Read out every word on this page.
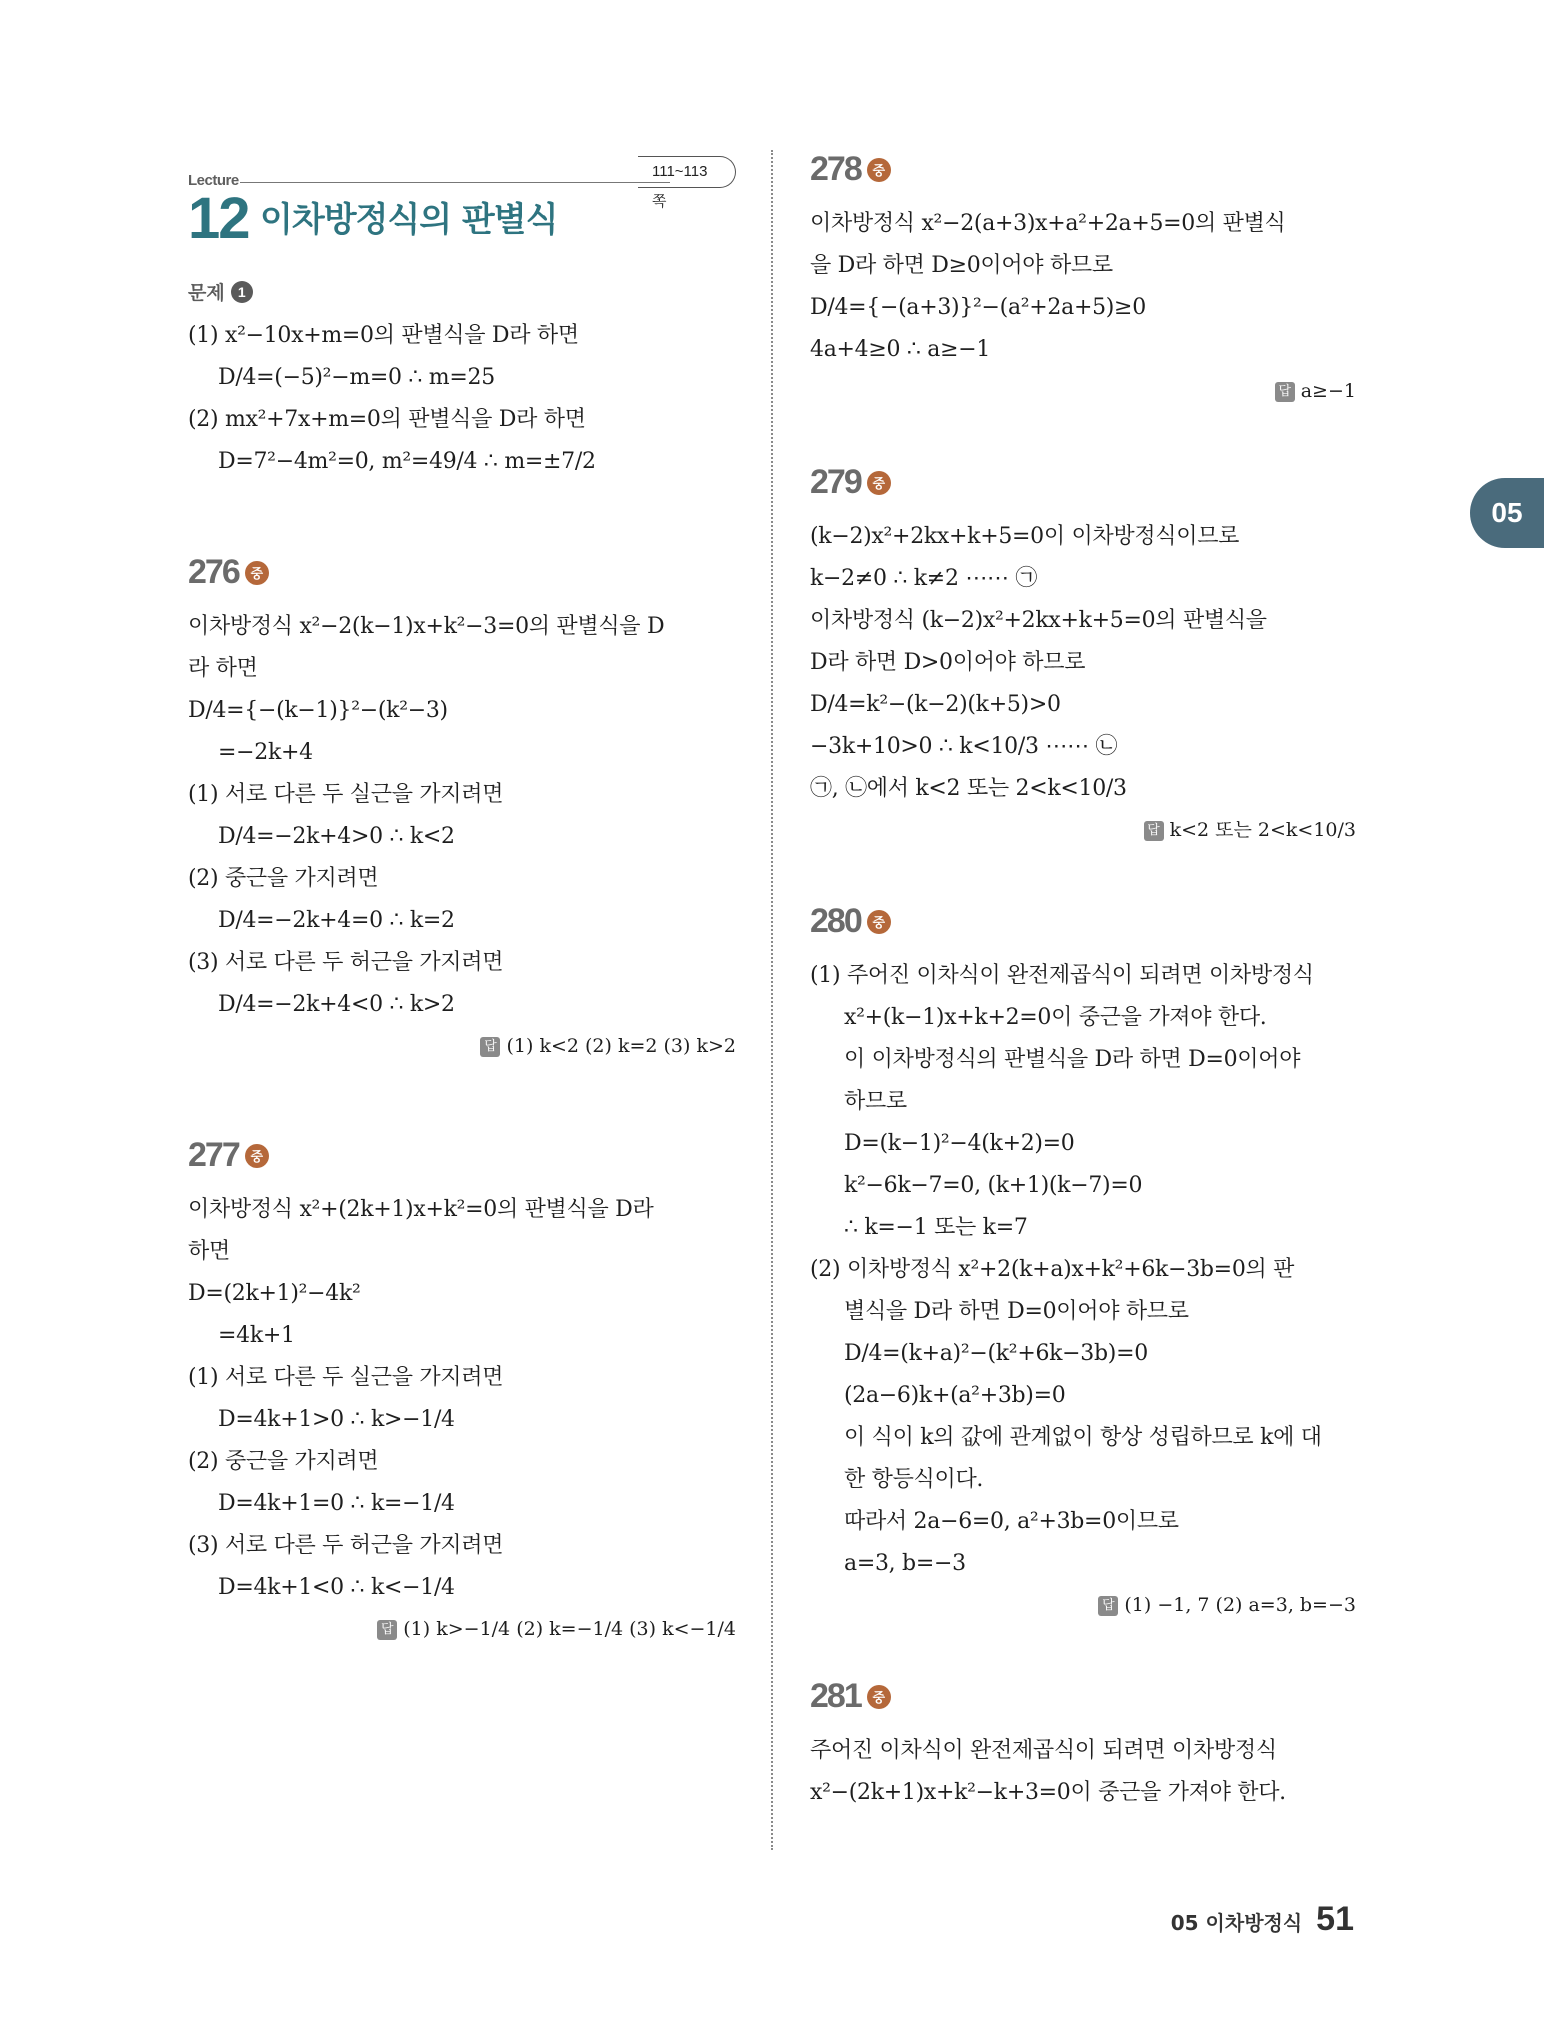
Lecture
111~113쪽
12 이차방정식의 판별식
문제 1
(1) x²−10x+m=0의 판별식을 D라 하면
D/4=(−5)²−m=0 ∴ m=25
(2) mx²+7x+m=0의 판별식을 D라 하면
D=7²−4m²=0, m²=49/4 ∴ m=±7/2
276 중
이차방정식 x²−2(k−1)x+k²−3=0의 판별식을 D
라 하면
D/4={−(k−1)}²−(k²−3)
=−2k+4
(1) 서로 다른 두 실근을 가지려면
D/4=−2k+4>0 ∴ k<2
(2) 중근을 가지려면
D/4=−2k+4=0 ∴ k=2
(3) 서로 다른 두 허근을 가지려면
D/4=−2k+4<0 ∴ k>2
답 (1) k<2 (2) k=2 (3) k>2
277 중
이차방정식 x²+(2k+1)x+k²=0의 판별식을 D라
하면
D=(2k+1)²−4k²
=4k+1
(1) 서로 다른 두 실근을 가지려면
D=4k+1>0 ∴ k>−1/4
(2) 중근을 가지려면
D=4k+1=0 ∴ k=−1/4
(3) 서로 다른 두 허근을 가지려면
D=4k+1<0 ∴ k<−1/4
답 (1) k>−1/4 (2) k=−1/4 (3) k<−1/4
278 중
이차방정식 x²−2(a+3)x+a²+2a+5=0의 판별식
을 D라 하면 D≥0이어야 하므로
D/4={−(a+3)}²−(a²+2a+5)≥0
4a+4≥0 ∴ a≥−1
답 a≥−1
279 중
(k−2)x²+2kx+k+5=0이 이차방정식이므로
k−2≠0 ∴ k≠2 ⋯⋯ ㉠
이차방정식 (k−2)x²+2kx+k+5=0의 판별식을
D라 하면 D>0이어야 하므로
D/4=k²−(k−2)(k+5)>0
−3k+10>0 ∴ k<10/3 ⋯⋯ ㉡
㉠, ㉡에서 k<2 또는 2<k<10/3
답 k<2 또는 2<k<10/3
280 중
(1) 주어진 이차식이 완전제곱식이 되려면 이차방정식
x²+(k−1)x+k+2=0이 중근을 가져야 한다.
이 이차방정식의 판별식을 D라 하면 D=0이어야
하므로
D=(k−1)²−4(k+2)=0
k²−6k−7=0, (k+1)(k−7)=0
∴ k=−1 또는 k=7
(2) 이차방정식 x²+2(k+a)x+k²+6k−3b=0의 판
별식을 D라 하면 D=0이어야 하므로
D/4=(k+a)²−(k²+6k−3b)=0
(2a−6)k+(a²+3b)=0
이 식이 k의 값에 관계없이 항상 성립하므로 k에 대
한 항등식이다.
따라서 2a−6=0, a²+3b=0이므로
a=3, b=−3
답 (1) −1, 7 (2) a=3, b=−3
281 중
주어진 이차식이 완전제곱식이 되려면 이차방정식
x²−(2k+1)x+k²−k+3=0이 중근을 가져야 한다.
05
05 이차방정식 51
